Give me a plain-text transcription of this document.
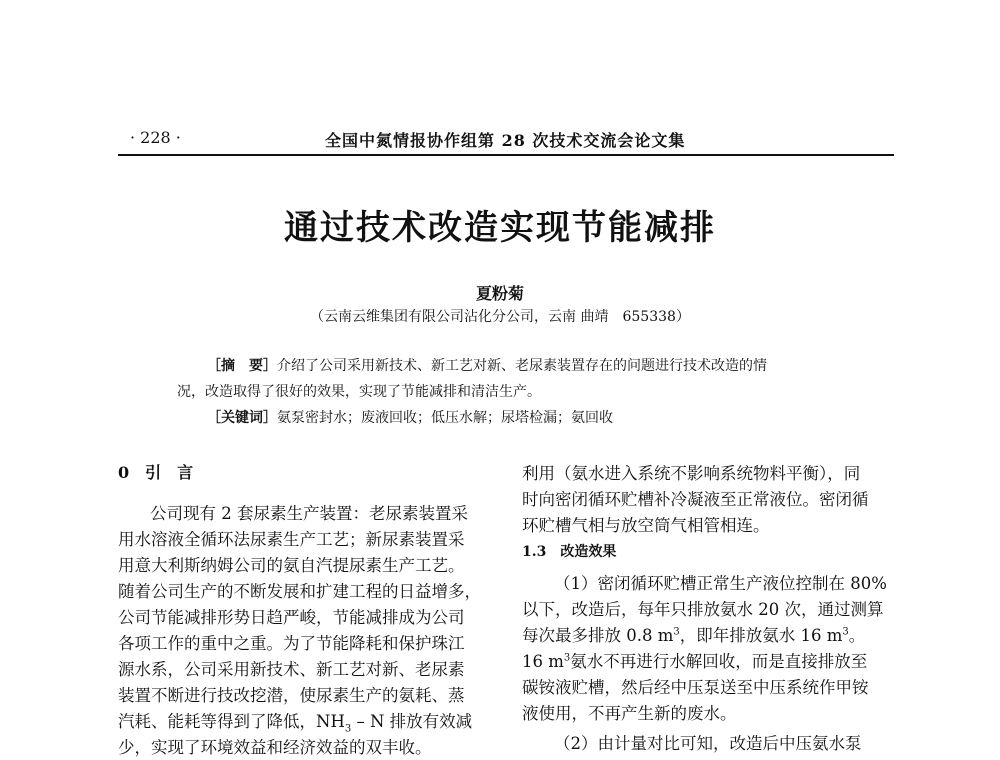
· 228 ·	全国中氮情报协作组第 28 次技术交流会论文集
通过技术改造实现节能减排
夏粉菊
（云南云维集团有限公司沾化分公司，云南 曲靖　655338）
［摘　要］介绍了公司采用新技术、新工艺对新、老尿素装置存在的问题进行技术改造的情
况，改造取得了很好的效果，实现了节能减排和清洁生产。
［关键词］氨泵密封水；废液回收；低压水解；尿塔检漏；氨回收
0　引　言
公司现有 2 套尿素生产装置：老尿素装置采
用水溶液全循环法尿素生产工艺；新尿素装置采
用意大利斯纳姆公司的氨自汽提尿素生产工艺。
随着公司生产的不断发展和扩建工程的日益增多，
公司节能减排形势日趋严峻，节能减排成为公司
各项工作的重中之重。为了节能降耗和保护珠江
源水系，公司采用新技术、新工艺对新、老尿素
装置不断进行技改挖潜，使尿素生产的氨耗、蒸
汽耗、能耗等得到了降低，$NH_3$ – N 排放有效减
少，实现了环境效益和经济效益的双丰收。
利用（氨水进入系统不影响系统物料平衡），同
时向密闭循环贮槽补冷凝液至正常液位。密闭循
环贮槽气相与放空筒气相管相连。
1.3　改造效果
（1）密闭循环贮槽正常生产液位控制在 80%
以下，改造后，每年只排放氨水 20 次，通过测算
每次最多排放 0.8 $m^3$，即年排放氨水 16 $m^3$。
16 $m^3$氨水不再进行水解回收，而是直接排放至
碳铵液贮槽，然后经中压泵送至中压系统作甲铵
液使用，不再产生新的废水。
（2）由计量对比可知，改造后中压氨水泵
